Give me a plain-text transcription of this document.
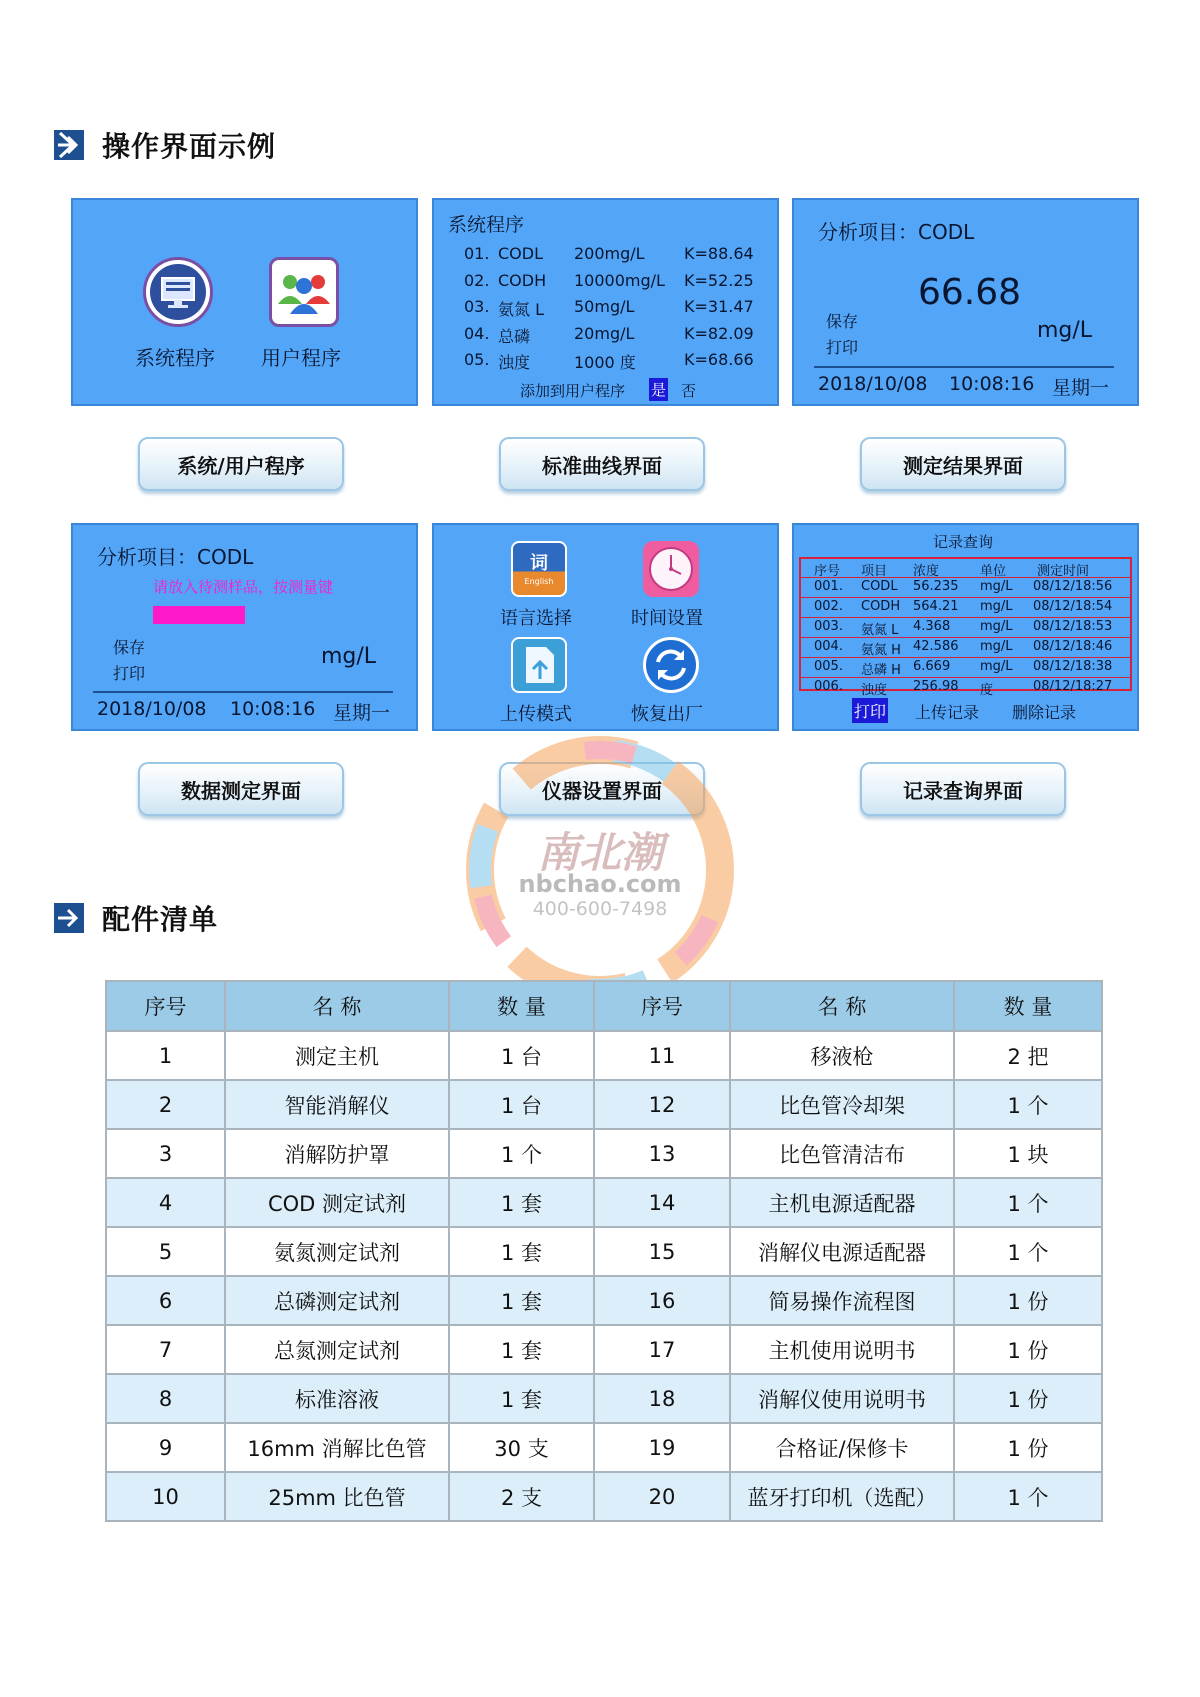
操作界面示例
系统程序 用户程序
系统程序
01. CODL 200mg/L K=88.64
02. CODH 10000mg/L K=52.25
03. 氨氮 L 50mg/L	K=31.47
04. 总磷	20mg/L	K=82.09
05. 浊度	1000 度	K=68.66
添加到用户程序 是 否
分析项目：CODL
66.68
保存
打印
mg/L
2018/10/08 10:08:16 星期一
系统/用户程序	标准曲线界面	测定结果界面
分析项目：CODL
请放入待测样品，按测量键
保存
打印
mg/L
2018/10/08 10:08:16 星期一
词
English
语言选择	时间设置
上传模式	恢复出厂
记录查询
序号 项目 浓度	单位 测定时间
001. CODL 56.235 mg/L 08/12/18:56
002. CODH 564.21 mg/L 08/12/18:54
003. 氨氮 L 4.368 mg/L 08/12/18:53
004. 氨氮 H 42.586 mg/L 08/12/18:46
005. 总磷 H 6.669 mg/L 08/12/18:38
006. 浊度 256.98 度	08/12/18:27
打印 上传记录 删除记录
数据测定界面	仪器设置界面	记录查询界面
南北潮
nbchao.com
400-600-7498
配件清单
序号	名 称	数 量	序号	名 称	数 量
1	测定主机	1 台	11	移液枪	2 把
2	智能消解仪	1 台	12	比色管冷却架	1 个
3	消解防护罩	1 个	13	比色管清洁布	1 块
4	COD 测定试剂	1 套	14	主机电源适配器	1 个
5	氨氮测定试剂	1 套	15	消解仪电源适配器	1 个
6	总磷测定试剂	1 套	16	简易操作流程图	1 份
7	总氮测定试剂	1 套	17	主机使用说明书	1 份
8	标准溶液	1 套	18	消解仪使用说明书	1 份
9	16mm 消解比色管	30 支	19	合格证/保修卡	1 份
10	25mm 比色管	2 支	20	蓝牙打印机（选配）	1 个
